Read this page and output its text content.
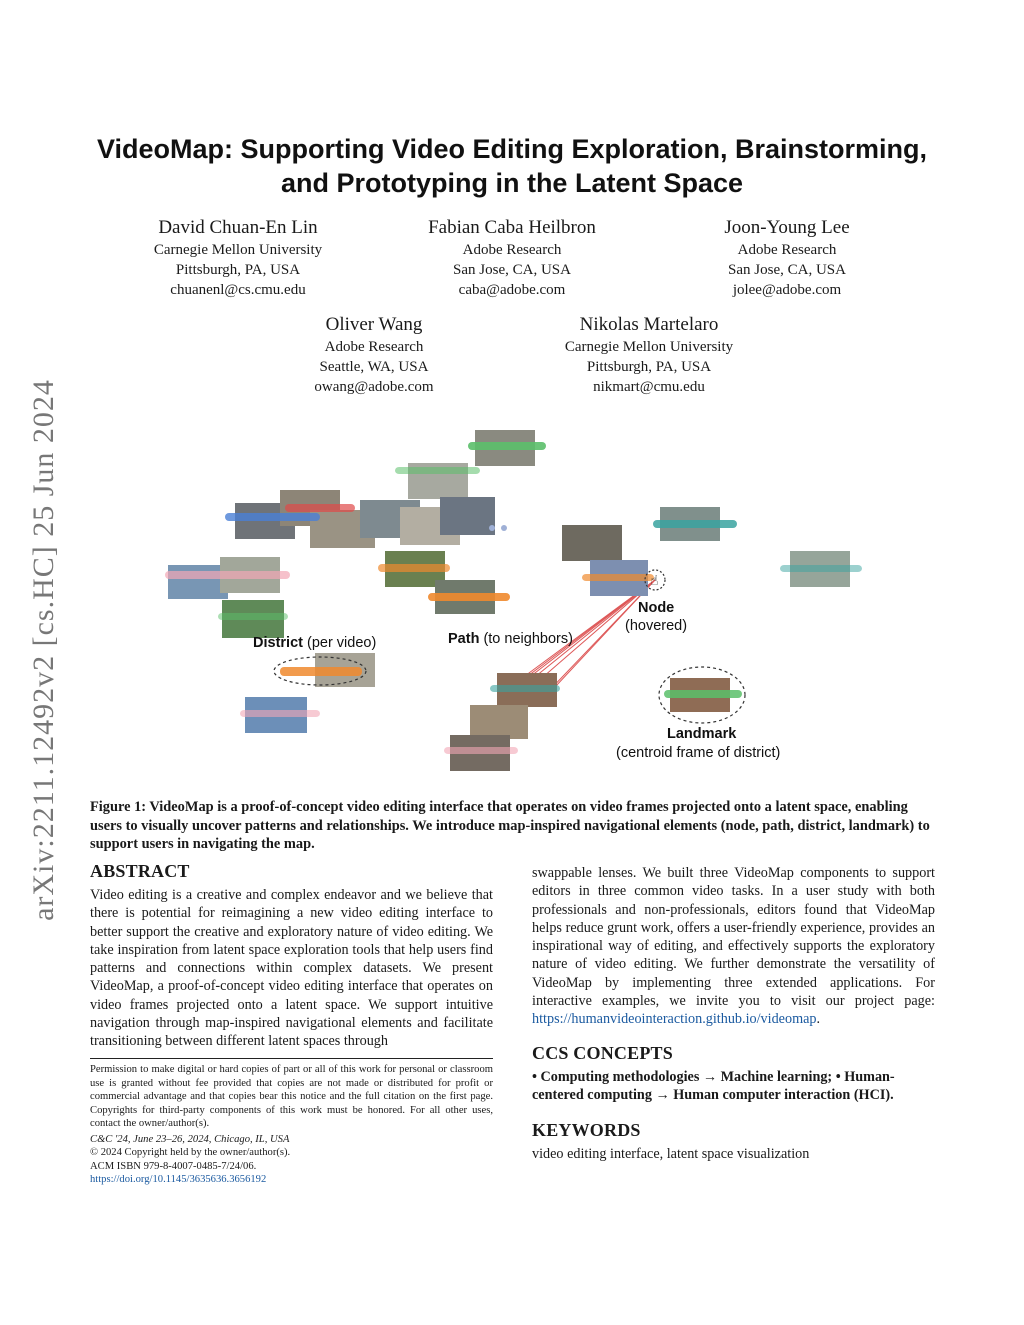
arXiv:2211.12492v2 [cs.HC] 25 Jun 2024
VideoMap: Supporting Video Editing Exploration, Brainstorming,
and Prototyping in the Latent Space
David Chuan-En Lin
Carnegie Mellon University
Pittsburgh, PA, USA
chuanenl@cs.cmu.edu
Fabian Caba Heilbron
Adobe Research
San Jose, CA, USA
caba@adobe.com
Joon-Young Lee
Adobe Research
San Jose, CA, USA
jolee@adobe.com
Oliver Wang
Adobe Research
Seattle, WA, USA
owang@adobe.com
Nikolas Martelaro
Carnegie Mellon University
Pittsburgh, PA, USA
nikmart@cmu.edu
☝
District (per video)	Path (to neighbors)
Node
(hovered)
Landmark
(centroid frame of district)
Figure 1: VideoMap is a proof-of-concept video editing interface that operates on video frames projected onto a latent space, enabling users to visually uncover patterns and relationships. We introduce map-inspired navigational elements (node, path, district, landmark) to support users in navigating the map.
ABSTRACT
Video editing is a creative and complex endeavor and we believe that there is potential for reimagining a new video editing interface to better support the creative and exploratory nature of video editing. We take inspiration from latent space exploration tools that help users find patterns and connections within complex datasets. We present VideoMap, a proof-of-concept video editing interface that operates on video frames projected onto a latent space. We support intuitive navigation through map-inspired navigational elements and facilitate transitioning between different latent spaces through
Permission to make digital or hard copies of part or all of this work for personal or classroom use is granted without fee provided that copies are not made or distributed for profit or commercial advantage and that copies bear this notice and the full citation on the first page. Copyrights for third-party components of this work must be honored. For all other uses, contact the owner/author(s).
C&C '24, June 23–26, 2024, Chicago, IL, USA
© 2024 Copyright held by the owner/author(s).
ACM ISBN 979-8-4007-0485-7/24/06.
https://doi.org/10.1145/3635636.3656192
swappable lenses. We built three VideoMap components to support editors in three common video tasks. In a user study with both professionals and non-professionals, editors found that VideoMap helps reduce grunt work, offers a user-friendly experience, provides an inspirational way of editing, and effectively supports the exploratory nature of video editing. We further demonstrate the versatility of VideoMap by implementing three extended applications. For interactive examples, we invite you to visit our project page: https://humanvideointeraction.github.io/videomap.
CCS CONCEPTS
• Computing methodologies → Machine learning; • Human-
centered computing → Human computer interaction (HCI).
KEYWORDS
video editing interface, latent space visualization
